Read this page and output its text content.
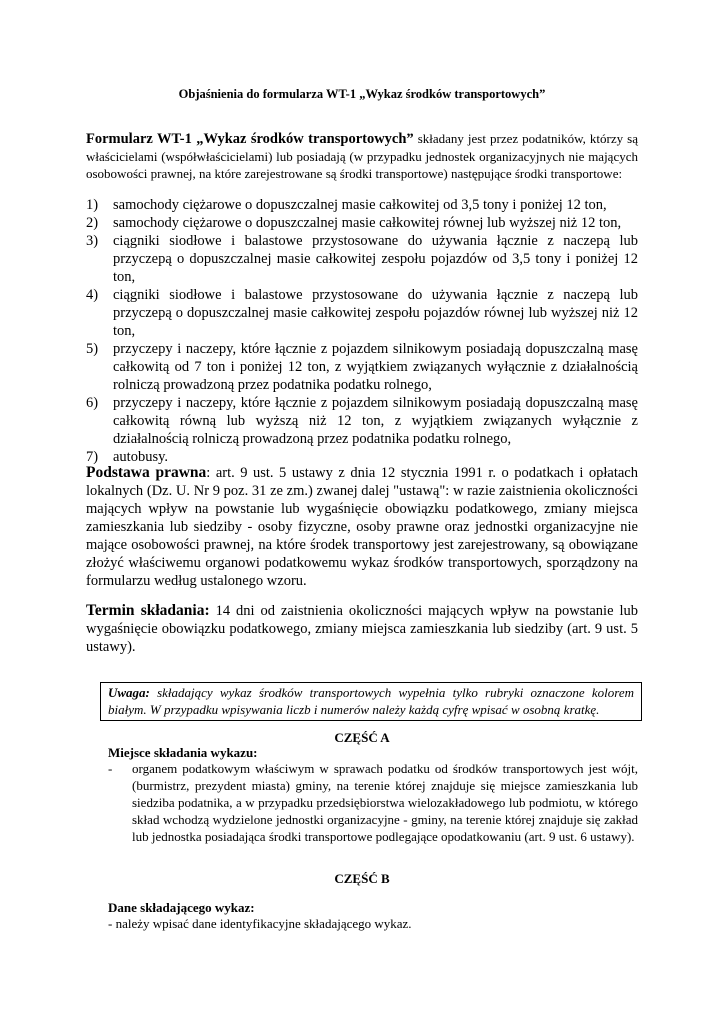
Objaśnienia do formularza WT-1 „Wykaz środków transportowych”
Formularz WT-1 „Wykaz środków transportowych” składany jest przez podatników, którzy są właścicielami (współwłaścicielami) lub posiadają (w przypadku jednostek organizacyjnych nie mających osobowości prawnej, na które zarejestrowane są środki transportowe) następujące środki transportowe:
1) samochody ciężarowe o dopuszczalnej masie całkowitej od 3,5 tony i poniżej 12 ton,
2) samochody ciężarowe o dopuszczalnej masie całkowitej równej lub wyższej niż 12 ton,
3) ciągniki siodłowe i balastowe przystosowane do używania łącznie z naczepą lub przyczepą o dopuszczalnej masie całkowitej zespołu pojazdów od 3,5 tony i poniżej 12 ton,
4) ciągniki siodłowe i balastowe przystosowane do używania łącznie z naczepą lub przyczepą o dopuszczalnej masie całkowitej zespołu pojazdów równej lub wyższej niż 12 ton,
5) przyczepy i naczepy, które łącznie z pojazdem silnikowym posiadają dopuszczalną masę całkowitą od 7 ton i poniżej 12 ton, z wyjątkiem związanych wyłącznie z działalnością rolniczą prowadzoną przez podatnika podatku rolnego,
6) przyczepy i naczepy, które łącznie z pojazdem silnikowym posiadają dopuszczalną masę całkowitą równą lub wyższą niż 12 ton, z wyjątkiem związanych wyłącznie z działalnością rolniczą prowadzoną przez podatnika podatku rolnego,
7) autobusy.
Podstawa prawna: art. 9 ust. 5 ustawy z dnia 12 stycznia 1991 r. o podatkach i opłatach lokalnych (Dz. U. Nr 9 poz. 31 ze zm.) zwanej dalej "ustawą": w razie zaistnienia okoliczności mających wpływ na powstanie lub wygaśnięcie obowiązku podatkowego, zmiany miejsca zamieszkania lub siedziby - osoby fizyczne, osoby prawne oraz jednostki organizacyjne nie mające osobowości prawnej, na które środek transportowy jest zarejestrowany, są obowiązane złożyć właściwemu organowi podatkowemu wykaz środków transportowych, sporządzony na formularzu według ustalonego wzoru.
Termin składania: 14 dni od zaistnienia okoliczności mających wpływ na powstanie lub wygaśnięcie obowiązku podatkowego, zmiany miejsca zamieszkania lub siedziby (art. 9 ust. 5 ustawy).
Uwaga: składający wykaz środków transportowych wypełnia tylko rubryki oznaczone kolorem białym. W przypadku wpisywania liczb i numerów należy każdą cyfrę wpisać w osobną kratkę.
CZĘŚĆ A
Miejsce składania wykazu:
- organem podatkowym właściwym w sprawach podatku od środków transportowych jest wójt, (burmistrz, prezydent miasta) gminy, na terenie której znajduje się miejsce zamieszkania lub siedziba podatnika, a w przypadku przedsiębiorstwa wielozakładowego lub podmiotu, w którego skład wchodzą wydzielone jednostki organizacyjne - gminy, na terenie której znajduje się zakład lub jednostka posiadająca środki transportowe podlegające opodatkowaniu (art. 9 ust. 6 ustawy).
CZĘŚĆ B
Dane składającego wykaz:
- należy wpisać dane identyfikacyjne składającego wykaz.
